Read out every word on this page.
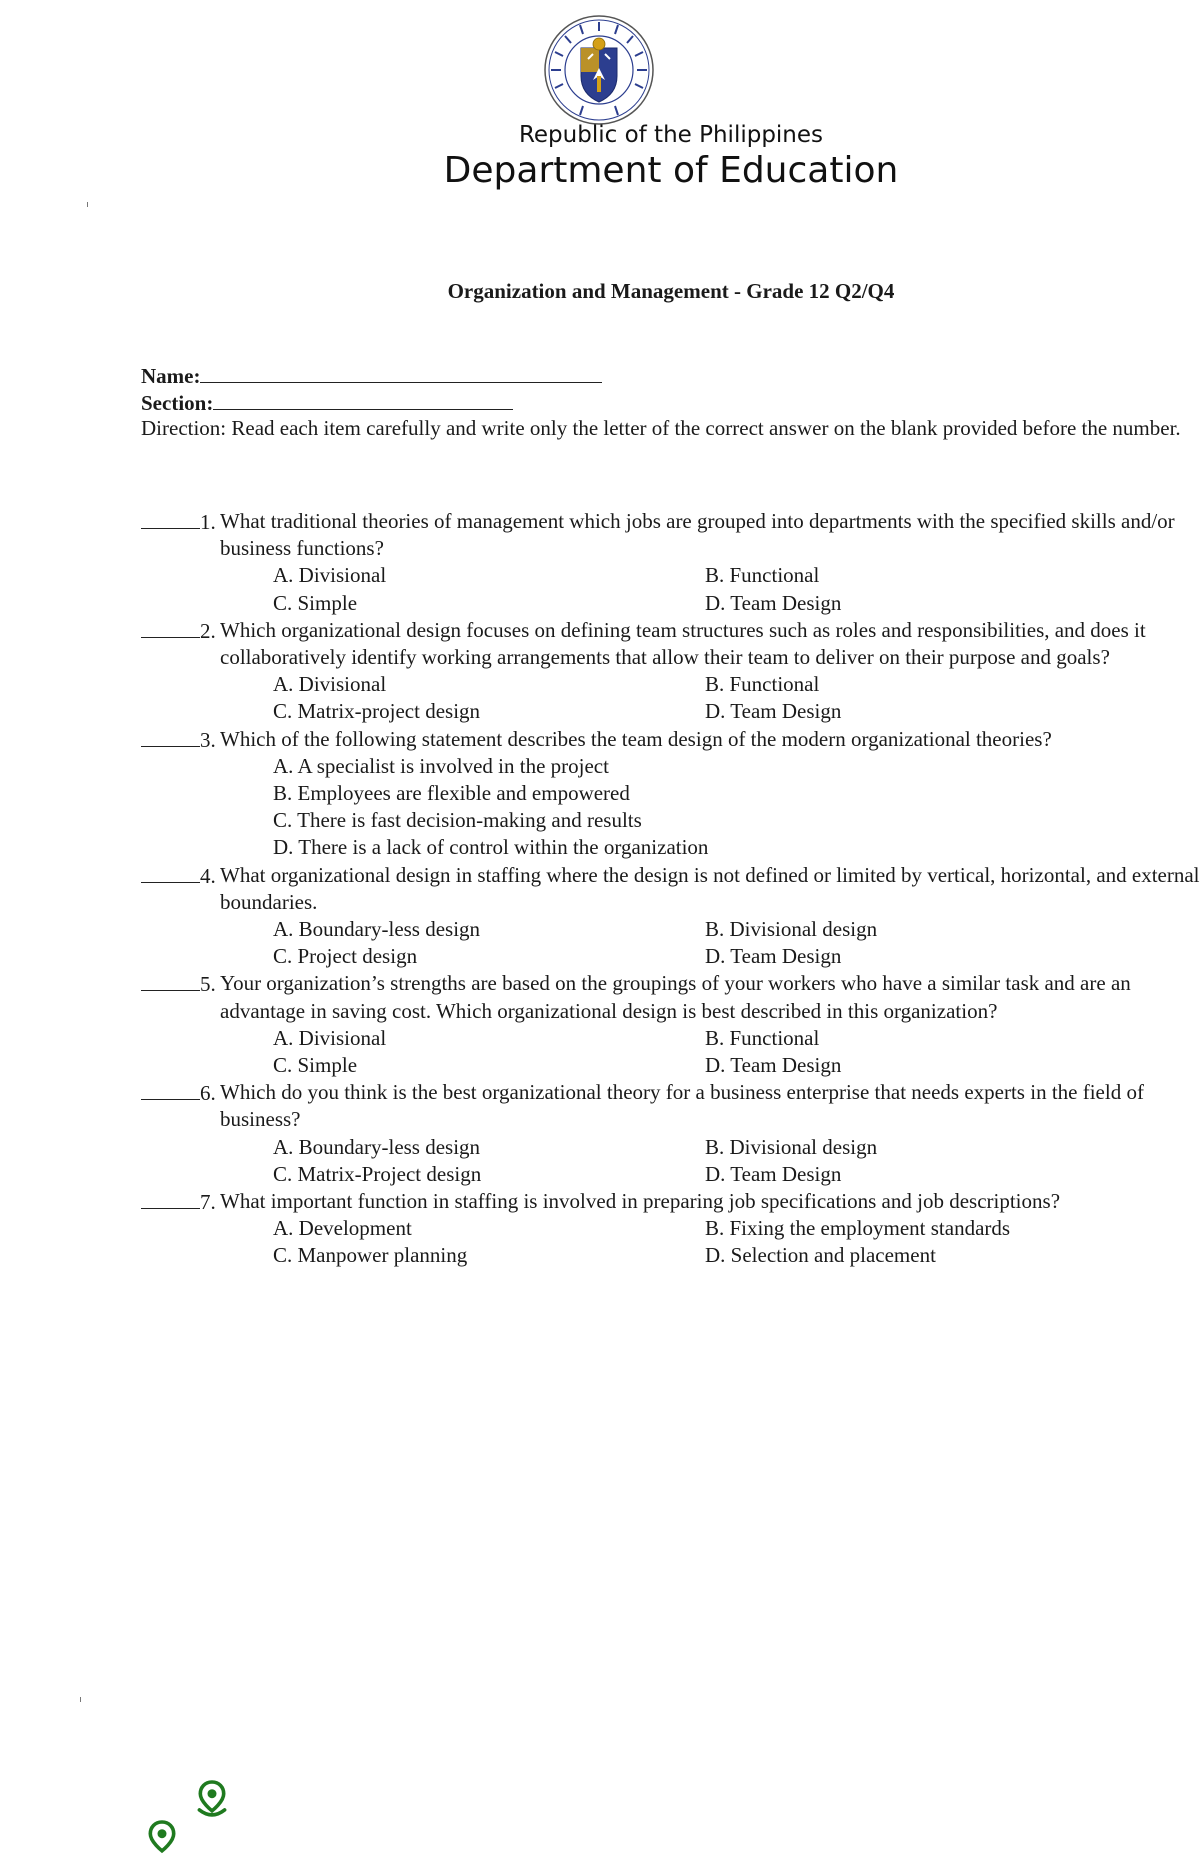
Republic of the Philippines
Department of Education
Organization and Management - Grade 12 Q2/Q4
Name:
Section:
Direction: Read each item carefully and write only the letter of the correct answer on the blank provided before the number.
1. What traditional theories of management which jobs are grouped into departments with the specified skills and/or business functions?
A. Divisional	B. Functional
C. Simple	D. Team Design
2. Which organizational design focuses on defining team structures such as roles and responsibilities, and does it collaboratively identify working arrangements that allow their team to deliver on their purpose and goals?
A. Divisional	B. Functional
C. Matrix-project design	D. Team Design
3. Which of the following statement describes the team design of the modern organizational theories?
A. A specialist is involved in the project
B. Employees are flexible and empowered
C. There is fast decision-making and results
D. There is a lack of control within the organization
4. What organizational design in staffing where the design is not defined or limited by vertical, horizontal, and external boundaries.
A. Boundary-less design	B. Divisional design
C. Project design	D. Team Design
5. Your organization’s strengths are based on the groupings of your workers who have a similar task and are an advantage in saving cost. Which organizational design is best described in this organization?
A. Divisional	B. Functional
C. Simple	D. Team Design
6. Which do you think is the best organizational theory for a business enterprise that needs experts in the field of business?
A. Boundary-less design	B. Divisional design
C. Matrix-Project design	D. Team Design
7. What important function in staffing is involved in preparing job specifications and job descriptions?
A. Development	B. Fixing the employment standards
C. Manpower planning	D. Selection and placement
